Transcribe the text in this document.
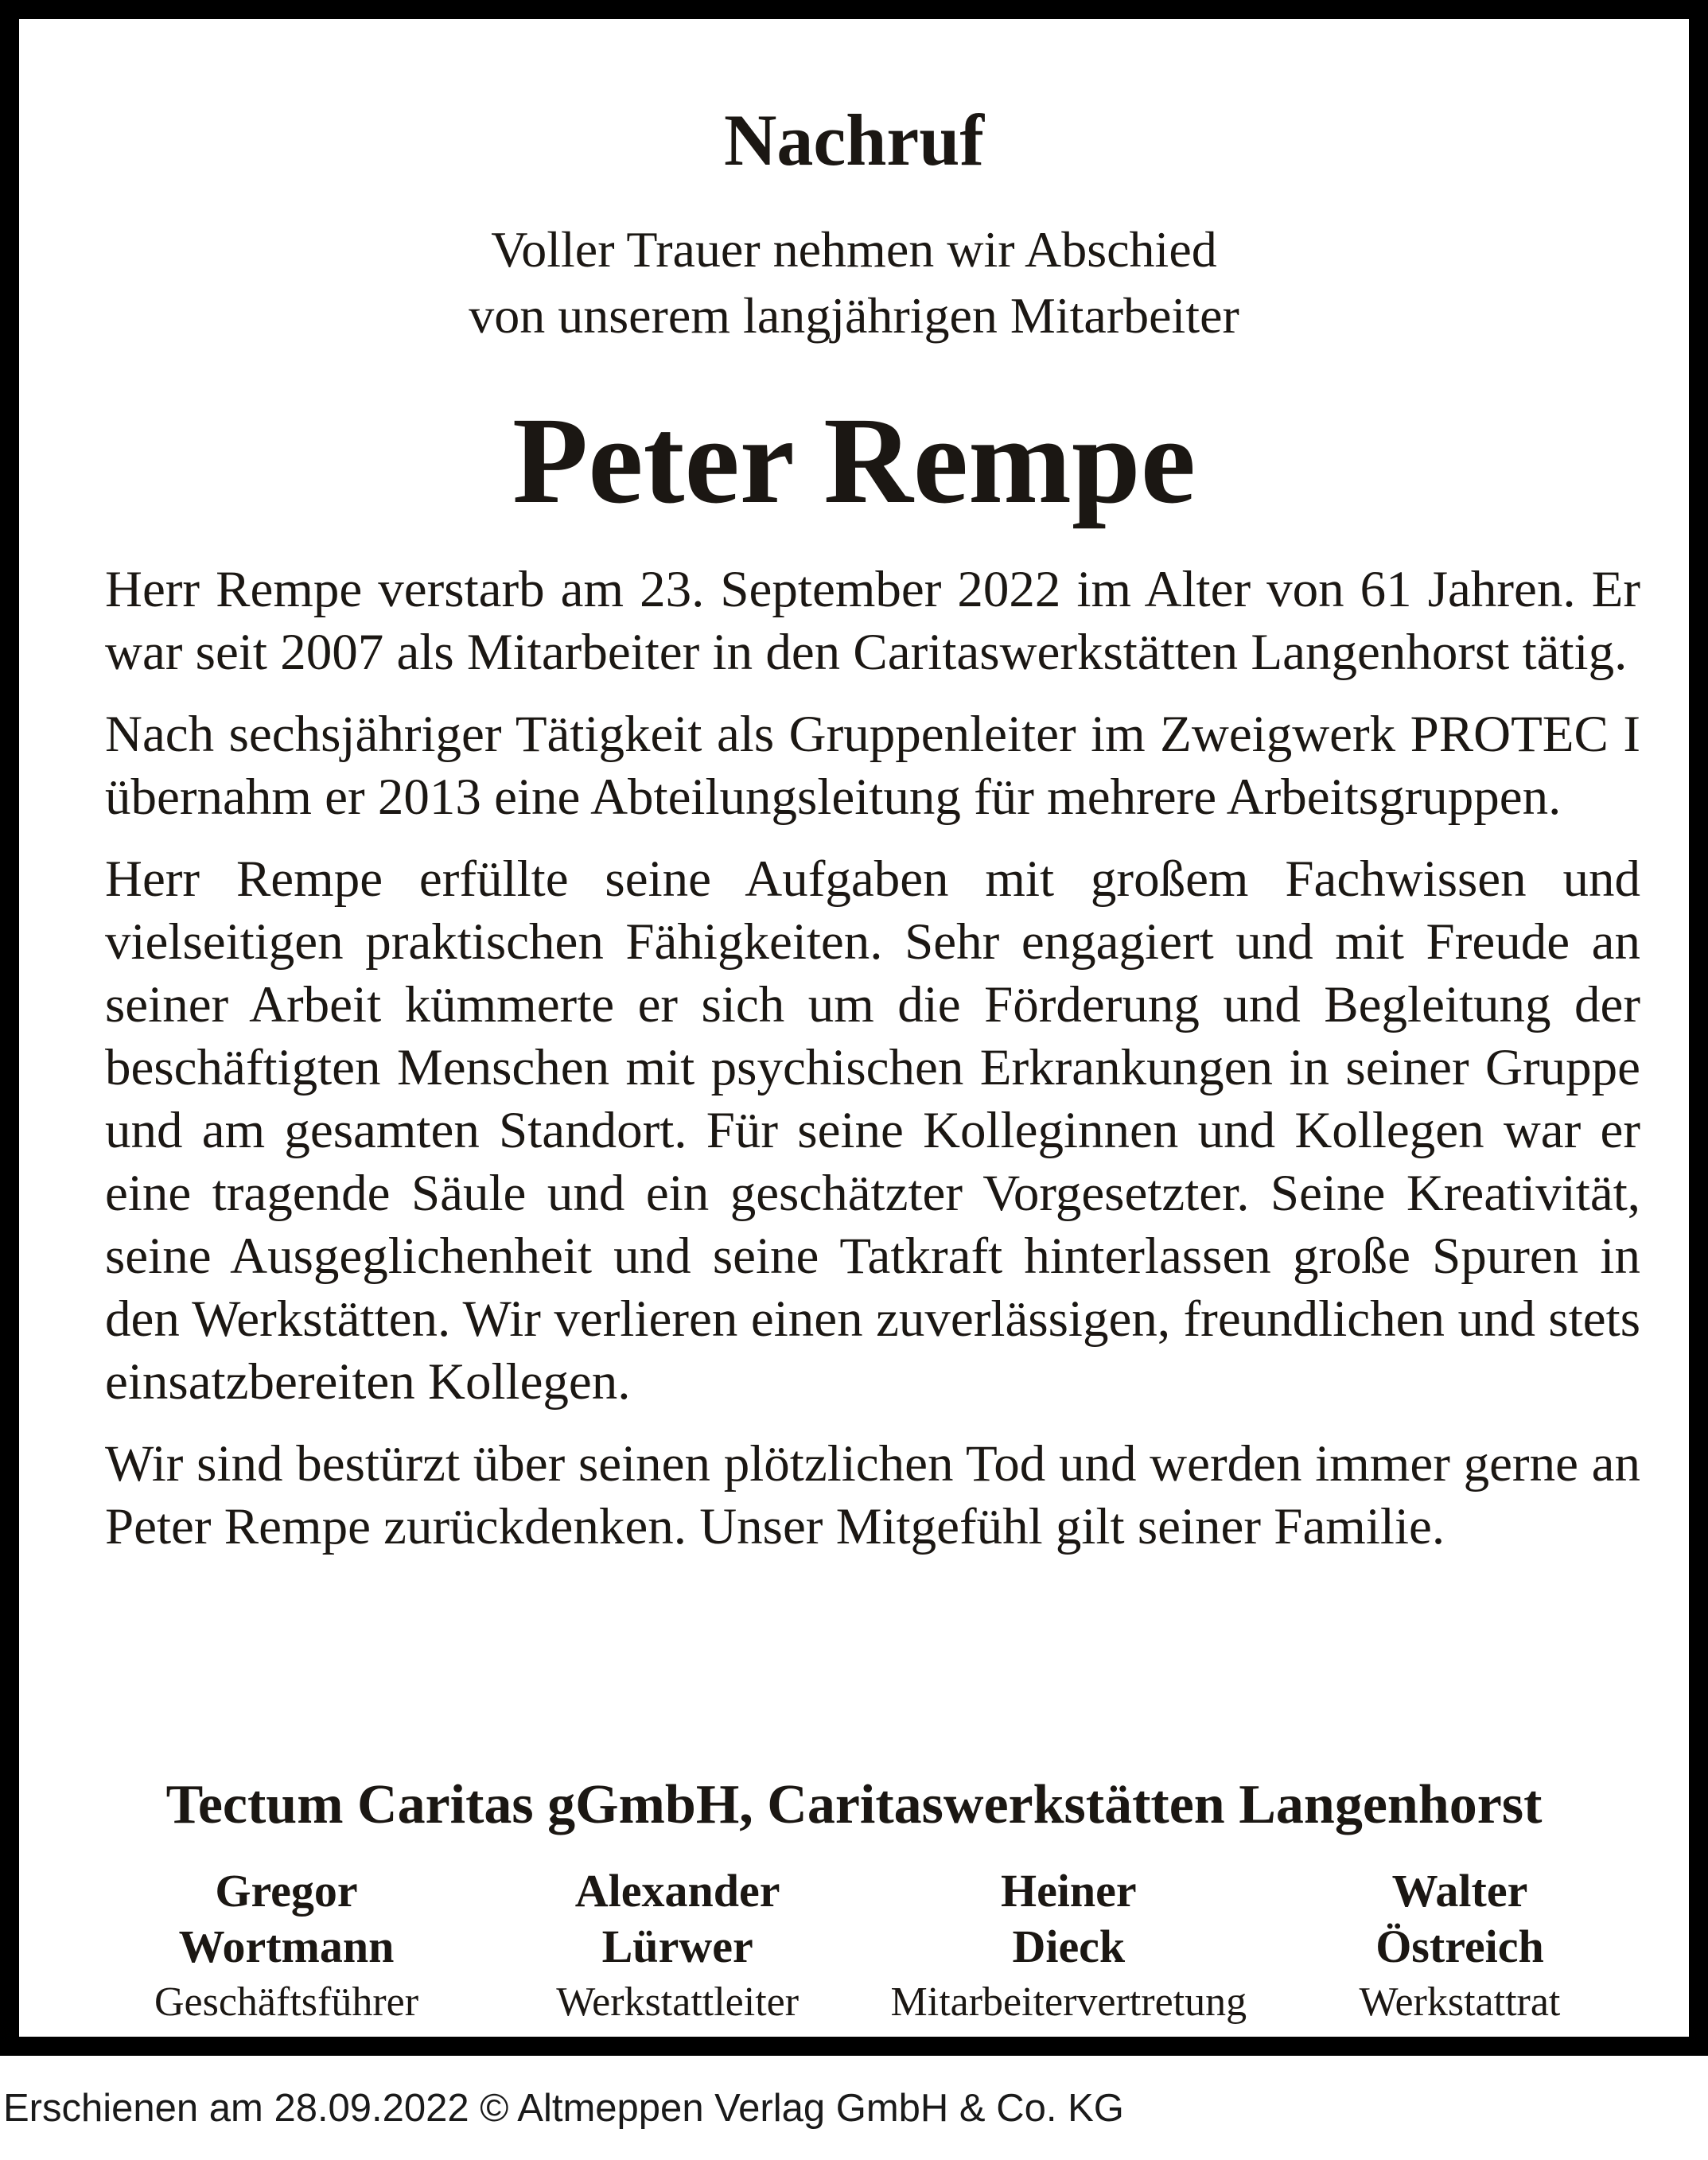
Nachruf
Voller Trauer nehmen wir Abschied
von unserem langjährigen Mitarbeiter
Peter Rempe

Herr Rempe verstarb am 23. September 2022 im Alter von 61 Jahren. Er war seit 2007 als Mitarbeiter in den Caritaswerkstätten Langenhorst tätig.

Nach sechsjähriger Tätigkeit als Gruppenleiter im Zweigwerk PROTEC I übernahm er 2013 eine Abteilungsleitung für mehrere Arbeitsgruppen.

Herr Rempe erfüllte seine Aufgaben mit großem Fachwissen und vielseitigen praktischen Fähigkeiten. Sehr engagiert und mit Freude an seiner Arbeit kümmerte er sich um die Förderung und Begleitung der beschäftigten Menschen mit psychischen Erkrankungen in seiner Gruppe und am gesamten Standort. Für seine Kolleginnen und Kollegen war er eine tragende Säule und ein geschätzter Vorgesetzter. Seine Kreativität, seine Ausgeglichenheit und seine Tatkraft hinterlassen große Spuren in den Werkstätten. Wir verlieren einen zuverlässigen, freundlichen und stets einsatzbereiten Kollegen.

Wir sind bestürzt über seinen plötzlichen Tod und werden immer gerne an Peter Rempe zurückdenken. Unser Mitgefühl gilt seiner Familie.

Tectum Caritas gGmbH, Caritaswerkstätten Langenhorst
Gregor
Wortmann
Geschäftsführer
Alexander
Lürwer
Werkstattleiter
Heiner
Dieck
Mitarbeitervertretung
Walter
Östreich
Werkstattrat
Erschienen am 28.09.2022 © Altmeppen Verlag GmbH & Co. KG
